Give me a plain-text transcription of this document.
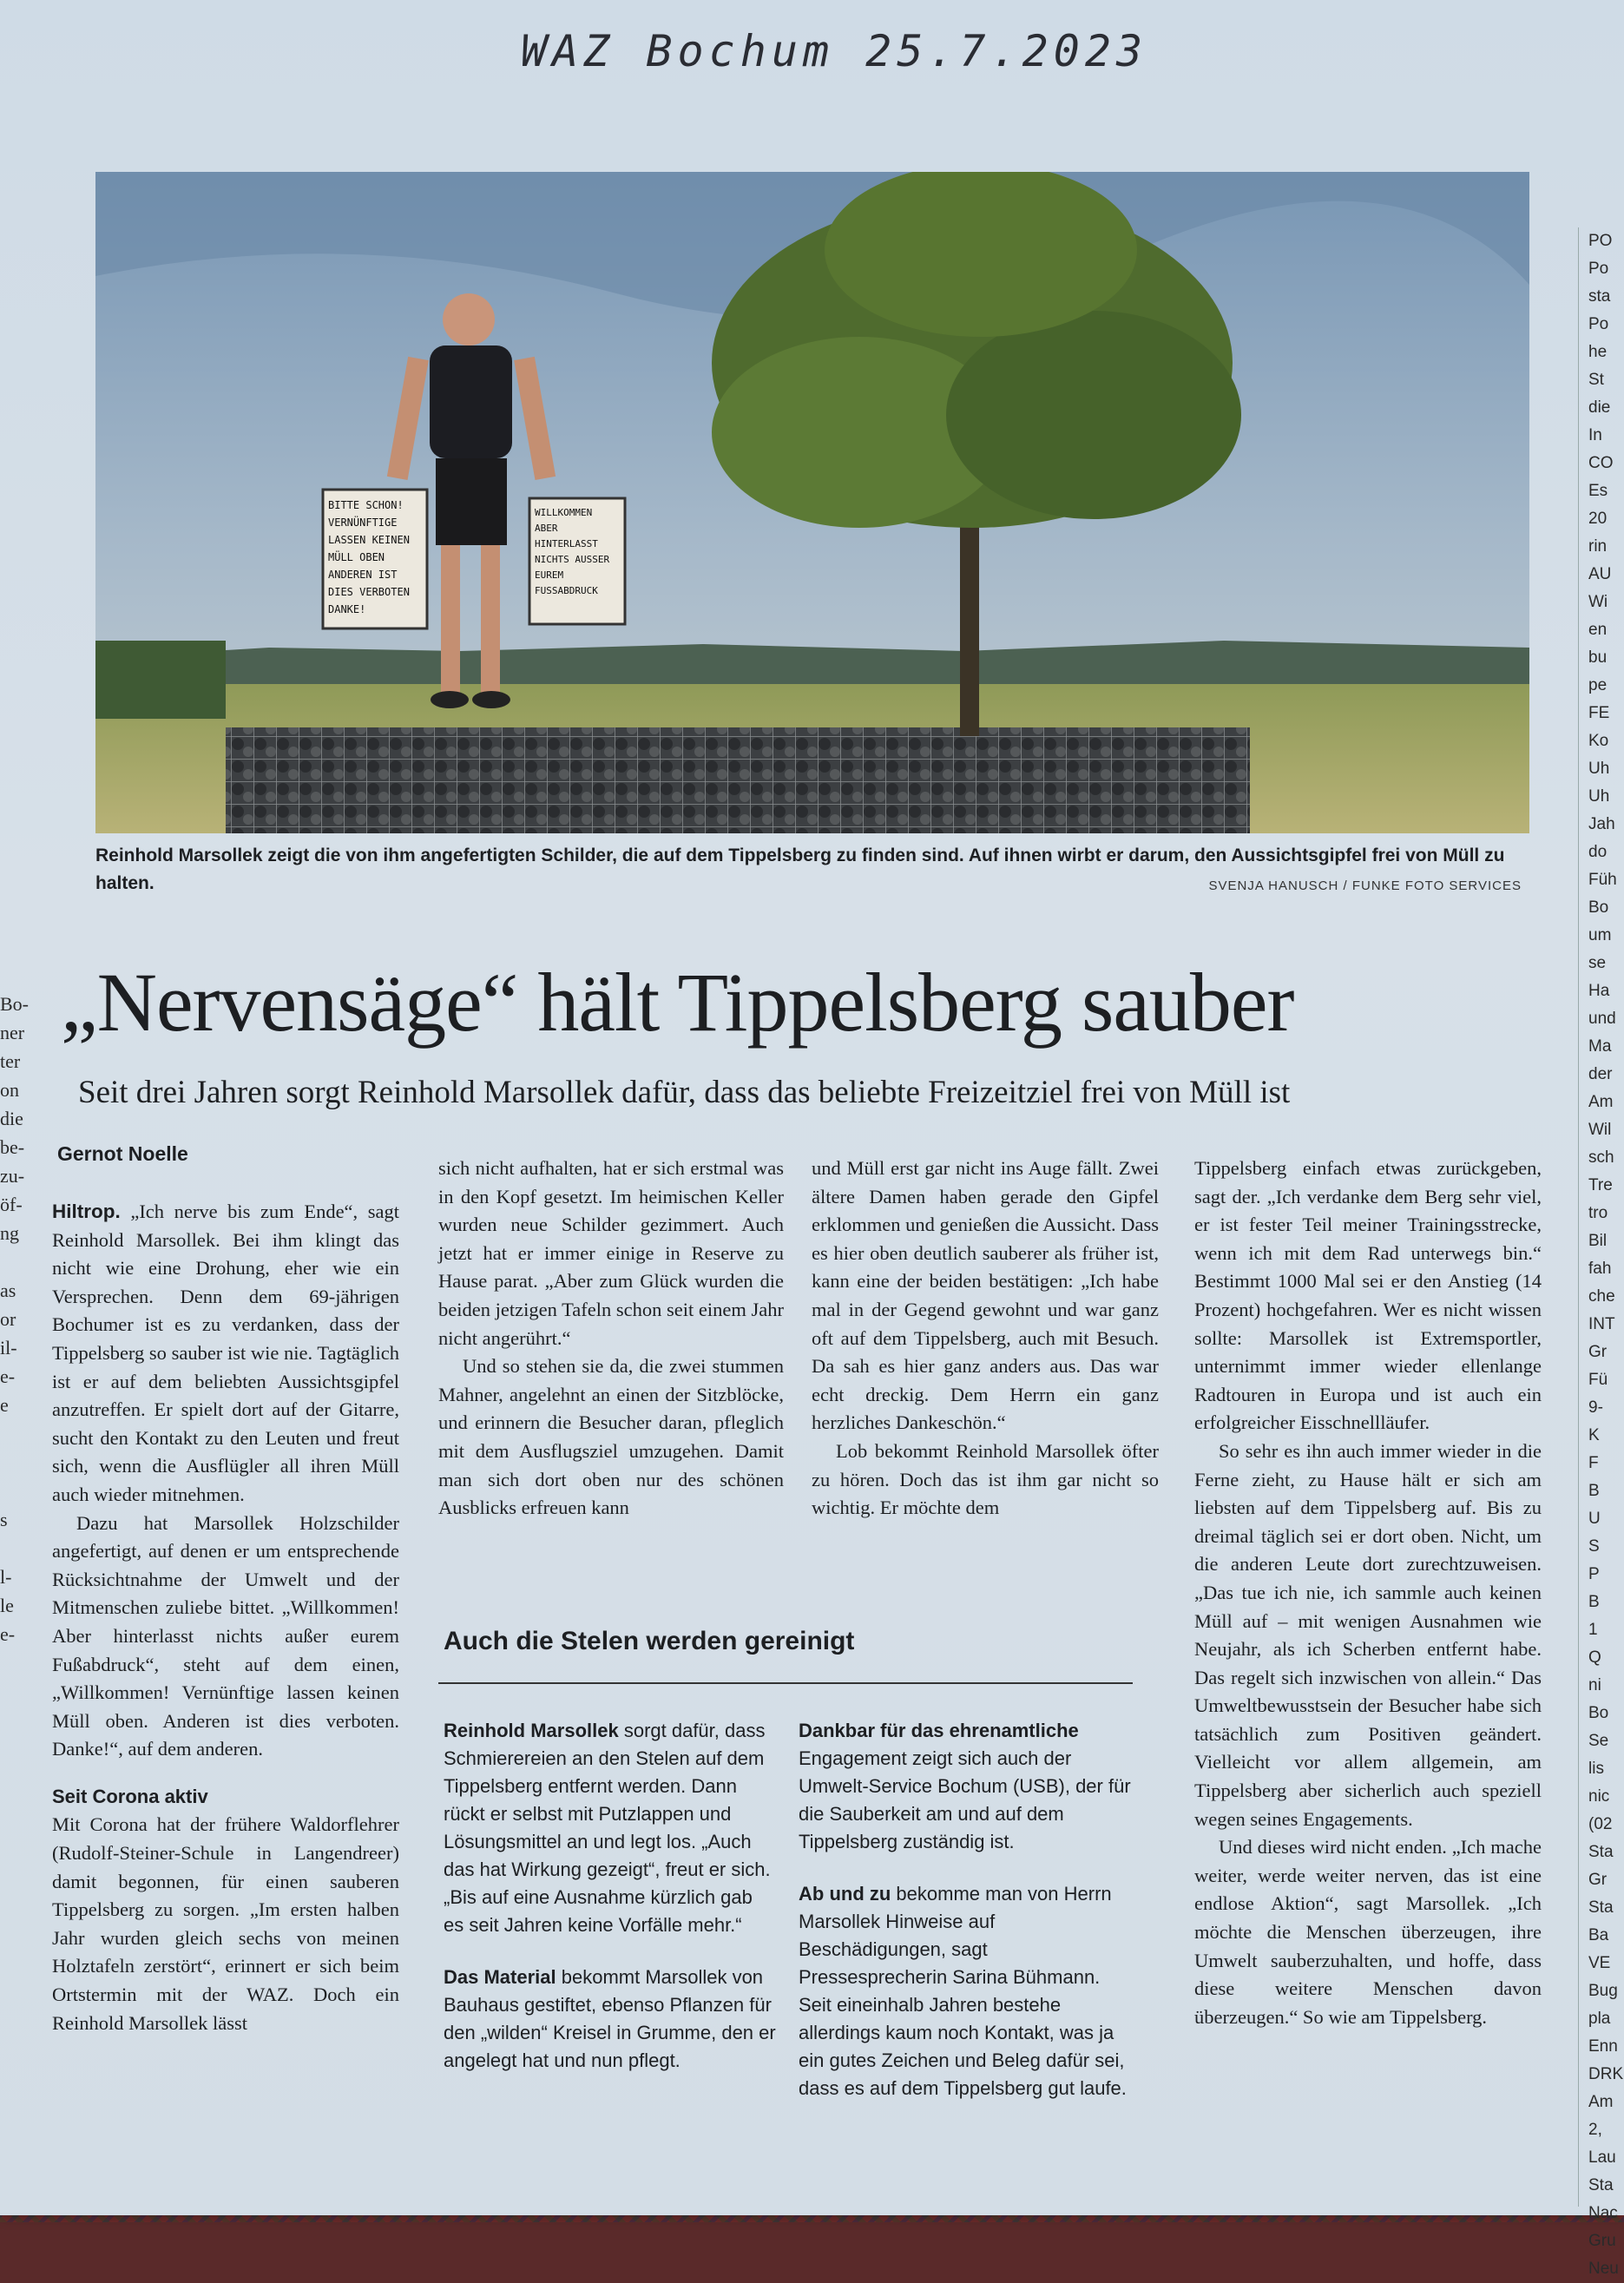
WAZ Bochum 25.7.2023
BITTE SCHON!
VERNÜNFTIGE
LASSEN KEINEN
MÜLL OBEN
ANDEREN IST
DIES VERBOTEN
DANKE!
WILLKOMMEN
ABER
HINTERLASST
NICHTS AUSSER
EUREM
FUSSABDRUCK
Reinhold Marsollek zeigt die von ihm angefertigten Schilder, die auf dem Tippelsberg zu finden sind. Auf ihnen wirbt er darum, den Aussichtsgipfel frei von Müll zu halten.	SVENJA HANUSCH / FUNKE FOTO SERVICES
„Nervensäge“ hält Tippelsberg sauber
Seit drei Jahren sorgt Reinhold Marsollek dafür, dass das beliebte Freizeitziel frei von Müll ist
Gernot Noelle

Hiltrop. „Ich nerve bis zum Ende“, sagt Reinhold Marsollek. Bei ihm klingt das nicht wie eine Drohung, eher wie ein Versprechen. Denn dem 69-jährigen Bochumer ist es zu verdanken, dass der Tippelsberg so sauber ist wie nie. Tagtäglich ist er auf dem beliebten Aussichtsgipfel anzutreffen. Er spielt dort auf der Gitarre, sucht den Kontakt zu den Leuten und freut sich, wenn die Ausflügler all ihren Müll auch wieder mitnehmen.

Dazu hat Marsollek Holzschilder angefertigt, auf denen er um entsprechende Rücksichtnahme der Umwelt und der Mitmenschen zuliebe bittet. „Willkommen! Aber hinterlasst nichts außer eurem Fußabdruck“, steht auf dem einen, „Willkommen! Vernünftige lassen keinen Müll oben. Anderen ist dies verboten. Danke!“, auf dem anderen.

Seit Corona aktiv

Mit Corona hat der frühere Waldorflehrer (Rudolf-Steiner-Schule in Langendreer) damit begonnen, für einen sauberen Tippelsberg zu sorgen. „Im ersten halben Jahr wurden gleich sechs von meinen Holztafeln zerstört“, erinnert er sich beim Ortstermin mit der WAZ. Doch ein Reinhold Marsollek lässt

sich nicht aufhalten, hat er sich erstmal was in den Kopf gesetzt. Im heimischen Keller wurden neue Schilder gezimmert. Auch jetzt hat er immer einige in Reserve zu Hause parat. „Aber zum Glück wurden die beiden jetzigen Tafeln schon seit einem Jahr nicht angerührt.“

Und so stehen sie da, die zwei stummen Mahner, angelehnt an einen der Sitzblöcke, und erinnern die Besucher daran, pfleglich mit dem Ausflugsziel umzugehen. Damit man sich dort oben nur des schönen Ausblicks erfreuen kann

und Müll erst gar nicht ins Auge fällt. Zwei ältere Damen haben gerade den Gipfel erklommen und genießen die Aussicht. Dass es hier oben deutlich sauberer als früher ist, kann eine der beiden bestätigen: „Ich habe mal in der Gegend gewohnt und war ganz oft auf dem Tippelsberg, auch mit Besuch. Da sah es hier ganz anders aus. Das war echt dreckig. Dem Herrn ein ganz herzliches Dankeschön.“

Lob bekommt Reinhold Marsollek öfter zu hören. Doch das ist ihm gar nicht so wichtig. Er möchte dem

Tippelsberg einfach etwas zurückgeben, sagt der. „Ich verdanke dem Berg sehr viel, er ist fester Teil meiner Trainingsstrecke, wenn ich mit dem Rad unterwegs bin.“ Bestimmt 1000 Mal sei er den Anstieg (14 Prozent) hochgefahren. Wer es nicht wissen sollte: Marsollek ist Extremsportler, unternimmt immer wieder ellenlange Radtouren in Europa und ist auch ein erfolgreicher Eisschnellläufer.

So sehr es ihn auch immer wieder in die Ferne zieht, zu Hause hält er sich am liebsten auf dem Tippelsberg auf. Bis zu dreimal täglich sei er dort oben. Nicht, um die anderen Leute dort zurechtzuweisen. „Das tue ich nie, ich sammle auch keinen Müll auf – mit wenigen Ausnahmen wie Neujahr, als ich Scherben entfernt habe. Das regelt sich inzwischen von allein.“ Das Umweltbewusstsein der Besucher habe sich tatsächlich zum Positiven geändert. Vielleicht vor allem allgemein, am Tippelsberg aber sicherlich auch speziell wegen seines Engagements.

Und dieses wird nicht enden. „Ich mache weiter, werde weiter nerven, das ist eine endlose Aktion“, sagt Marsollek. „Ich möchte die Menschen überzeugen, ihre Umwelt sauberzuhalten, und hoffe, dass diese weitere Menschen davon überzeugen.“ So wie am Tippelsberg.

Auch die Stelen werden gereinigt

Reinhold Marsollek sorgt dafür, dass Schmierereien an den Stelen auf dem Tippelsberg entfernt werden. Dann rückt er selbst mit Putzlappen und Lösungsmittel an und legt los. „Auch das hat Wirkung gezeigt“, freut er sich. „Bis auf eine Ausnahme kürzlich gab es seit Jahren keine Vorfälle mehr.“

Das Material bekommt Marsollek von Bauhaus gestiftet, ebenso Pflanzen für den „wilden“ Kreisel in Grumme, den er angelegt hat und nun pflegt.

Dankbar für das ehrenamtliche Engagement zeigt sich auch der Umwelt-Service Bochum (USB), der für die Sauberkeit am und auf dem Tippelsberg zuständig ist.

Ab und zu bekomme man von Herrn Marsollek Hinweise auf Beschädigungen, sagt Pressesprecherin Sarina Bühmann. Seit eineinhalb Jahren bestehe allerdings kaum noch Kontakt, was ja ein gutes Zeichen und Beleg dafür sei, dass es auf dem Tippelsberg gut laufe.

Bo-
ner
ter
on
die
be-
zu-
öf-
ng

as
or
il-
e-
e

s

l-
le
e-

PO
Po
sta
Po
he
St
die
In
CO
Es
20
rin
AU
Wi
en
bu
pe
FE
Ko
Uh
Uh
Jah
do
Füh
Bo
um
se
Ha
und
Ma
der
Am
Wil
sch
Tre
tro
Bil
fah
che
INT
Gr
Fü
9-
K
F
B
U
S
P
B
1
Q
ni
Bo
Se
lis
nic
(02
Sta
Gr
Sta
Ba
VE
Bug
pla
Enn
DRK
Am
2,
Lau
Sta
Nac
Gru
Neu
